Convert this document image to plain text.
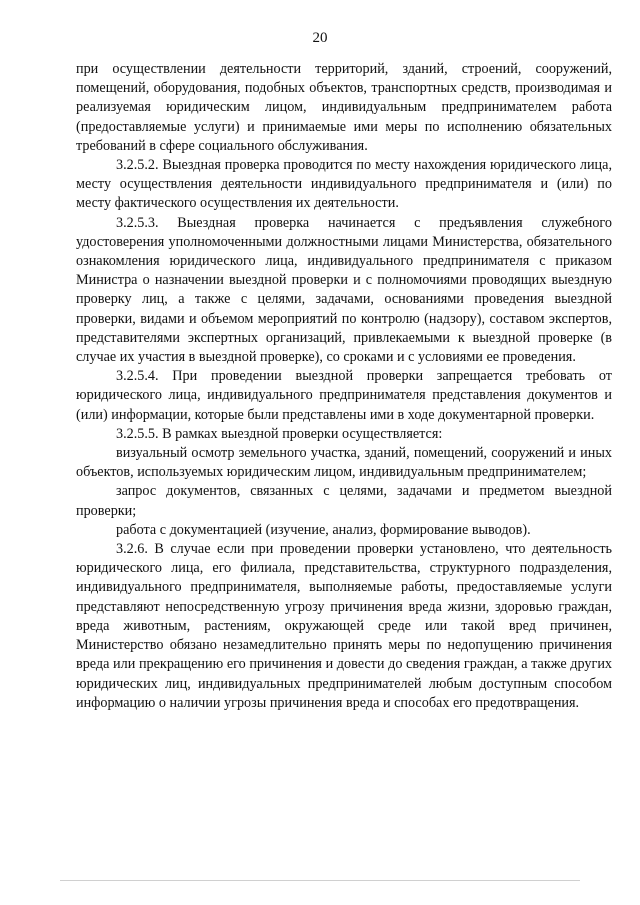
20

при осуществлении деятельности территорий, зданий, строений, сооружений, помещений, оборудования, подобных объектов, транспортных средств, производимая и реализуемая юридическим лицом, индивидуальным предпринимателем работа (предоставляемые услуги) и принимаемые ими меры по исполнению обязательных требований в сфере социального обслуживания.

3.2.5.2. Выездная проверка проводится по месту нахождения юридического лица, месту осуществления деятельности индивидуального предпринимателя и (или) по месту фактического осуществления их деятельности.

3.2.5.3. Выездная проверка начинается с предъявления служебного удостоверения уполномоченными должностными лицами Министерства, обязательного ознакомления юридического лица, индивидуального предпринимателя с приказом Министра о назначении выездной проверки и с полномочиями проводящих выездную проверку лиц, а также с целями, задачами, основаниями проведения выездной проверки, видами и объемом мероприятий по контролю (надзору), составом экспертов, представителями экспертных организаций, привлекаемыми к выездной проверке (в случае их участия в выездной проверке), со сроками и с условиями ее проведения.

3.2.5.4. При проведении выездной проверки запрещается требовать от юридического лица, индивидуального предпринимателя представления документов и (или) информации, которые были представлены ими в ходе документарной проверки.

3.2.5.5. В рамках выездной проверки осуществляется:

визуальный осмотр земельного участка, зданий, помещений, сооружений и иных объектов, используемых юридическим лицом, индивидуальным предпринимателем;

запрос документов, связанных с целями, задачами и предметом выездной проверки;

работа с документацией (изучение, анализ, формирование выводов).

3.2.6. В случае если при проведении проверки установлено, что деятельность юридического лица, его филиала, представительства, структурного подразделения, индивидуального предпринимателя, выполняемые работы, предоставляемые услуги представляют непосредственную угрозу причинения вреда жизни, здоровью граждан, вреда животным, растениям, окружающей среде или такой вред причинен, Министерство обязано незамедлительно принять меры по недопущению причинения вреда или прекращению его причинения и довести до сведения граждан, а также других юридических лиц, индивидуальных предпринимателей любым доступным способом информацию о наличии угрозы причинения вреда и способах его предотвращения.
